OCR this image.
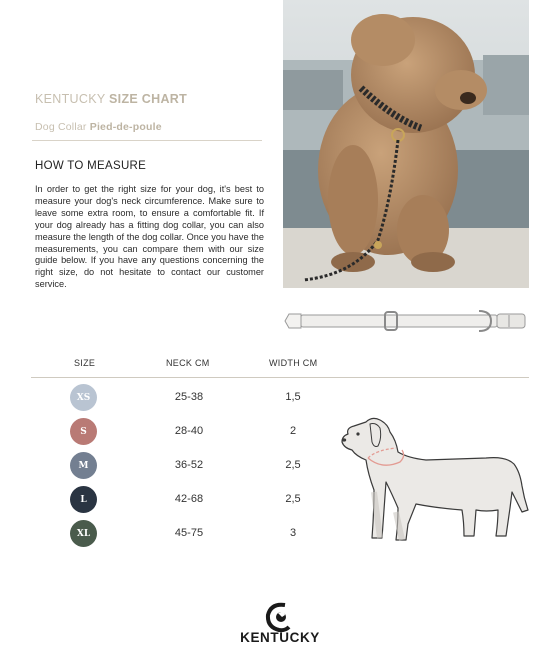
KENTUCKY SIZE CHART
Dog Collar Pied-de-poule
HOW TO MEASURE
In order to get the right size for your dog, it's best to measure your dog's neck circumference. Make sure to leave some extra room, to ensure a comfortable fit. If your dog already has a fitting dog collar, you can also measure the length of the dog collar. Once you have the measurements, you can compare them with our size guide below. If you have any questions concerning the right size, do not hesitate to contact our customer service.
SIZE	NECK CM	WIDTH CM
XS	25-38	1,5
S	28-40	2
M	36-52	2,5
L	42-68	2,5
XL	45-75	3
KENTUCKY
